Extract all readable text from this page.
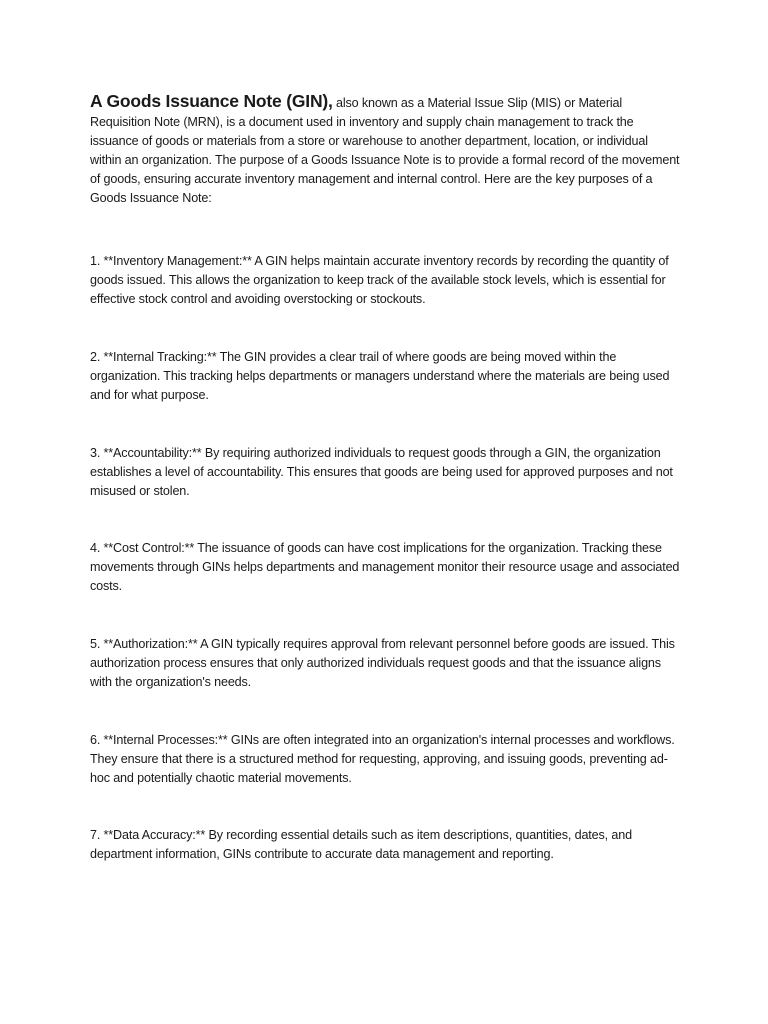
A Goods Issuance Note (GIN), also known as a Material Issue Slip (MIS) or Material Requisition Note (MRN), is a document used in inventory and supply chain management to track the issuance of goods or materials from a store or warehouse to another department, location, or individual within an organization. The purpose of a Goods Issuance Note is to provide a formal record of the movement of goods, ensuring accurate inventory management and internal control. Here are the key purposes of a Goods Issuance Note:

1. **Inventory Management:** A GIN helps maintain accurate inventory records by recording the quantity of goods issued. This allows the organization to keep track of the available stock levels, which is essential for effective stock control and avoiding overstocking or stockouts.

2. **Internal Tracking:** The GIN provides a clear trail of where goods are being moved within the organization. This tracking helps departments or managers understand where the materials are being used and for what purpose.

3. **Accountability:** By requiring authorized individuals to request goods through a GIN, the organization establishes a level of accountability. This ensures that goods are being used for approved purposes and not misused or stolen.

4. **Cost Control:** The issuance of goods can have cost implications for the organization. Tracking these movements through GINs helps departments and management monitor their resource usage and associated costs.

5. **Authorization:** A GIN typically requires approval from relevant personnel before goods are issued. This authorization process ensures that only authorized individuals request goods and that the issuance aligns with the organization's needs.

6. **Internal Processes:** GINs are often integrated into an organization's internal processes and workflows. They ensure that there is a structured method for requesting, approving, and issuing goods, preventing ad-hoc and potentially chaotic material movements.

7. **Data Accuracy:** By recording essential details such as item descriptions, quantities, dates, and department information, GINs contribute to accurate data management and reporting.
